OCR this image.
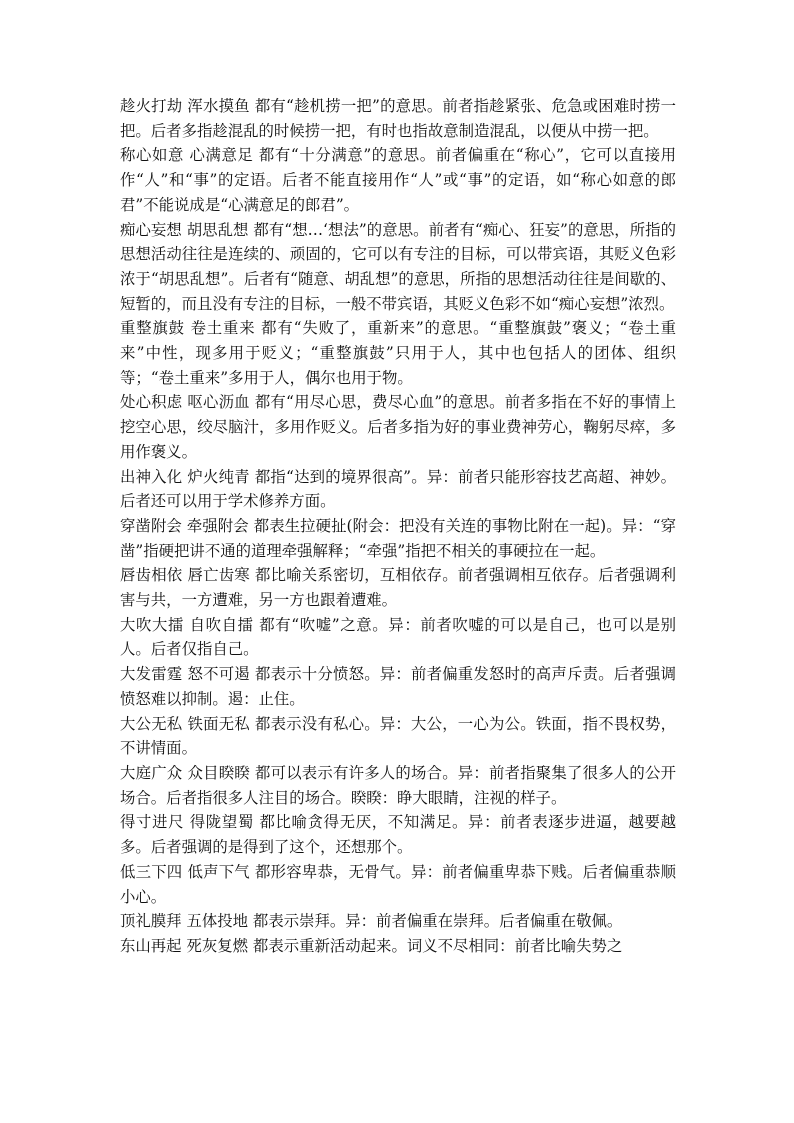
趁火打劫 浑水摸鱼 都有“趁机捞一把”的意思。前者指趁紧张、危急或困难时捞一把。后者多指趁混乱的时候捞一把，有时也指故意制造混乱，以便从中捞一把。

称心如意 心满意足 都有“十分满意”的意思。前者偏重在“称心”，它可以直接用作“人”和“事”的定语。后者不能直接用作“人”或“事”的定语，如“称心如意的郎君”不能说成是“心满意足的郎君”。

痴心妄想 胡思乱想 都有“想…‘想法”的意思。前者有“痴心、狂妄”的意思，所指的思想活动往往是连续的、顽固的，它可以有专注的目标，可以带宾语，其贬义色彩浓于“胡思乱想”。后者有“随意、胡乱想”的意思，所指的思想活动往往是间歇的、短暂的，而且没有专注的目标，一般不带宾语，其贬义色彩不如“痴心妄想”浓烈。

重整旗鼓 卷土重来 都有“失败了，重新来”的意思。“重整旗鼓”褒义；“卷土重来”中性，现多用于贬义；“重整旗鼓”只用于人，其中也包括人的团体、组织等；“卷土重来”多用于人，偶尔也用于物。

处心积虑 呕心沥血 都有“用尽心思，费尽心血”的意思。前者多指在不好的事情上挖空心思，绞尽脑汁，多用作贬义。后者多指为好的事业费神劳心，鞠躬尽瘁，多用作褒义。

出神入化 炉火纯青 都指“达到的境界很高”。异：前者只能形容技艺高超、神妙。后者还可以用于学术修养方面。

穿凿附会 牵强附会 都表生拉硬扯(附会：把没有关连的事物比附在一起)。异：“穿凿”指硬把讲不通的道理牵强解释；“牵强”指把不相关的事硬拉在一起。

唇齿相依 唇亡齿寒 都比喻关系密切，互相依存。前者强调相互依存。后者强调利害与共，一方遭难，另一方也跟着遭难。

大吹大擂 自吹自擂 都有“吹嘘”之意。异：前者吹嘘的可以是自己，也可以是别人。后者仅指自己。

大发雷霆 怒不可遏 都表示十分愤怒。异：前者偏重发怒时的高声斥责。后者强调愤怒难以抑制。遏：止住。

大公无私 铁面无私 都表示没有私心。异：大公，一心为公。铁面，指不畏权势，不讲情面。

大庭广众 众目睽睽 都可以表示有许多人的场合。异：前者指聚集了很多人的公开场合。后者指很多人注目的场合。睽睽：睁大眼睛，注视的样子。

得寸进尺 得陇望蜀 都比喻贪得无厌，不知满足。异：前者表逐步进逼，越要越多。后者强调的是得到了这个，还想那个。

低三下四 低声下气 都形容卑恭，无骨气。异：前者偏重卑恭下贱。后者偏重恭顺小心。

顶礼膜拜 五体投地 都表示崇拜。异：前者偏重在崇拜。后者偏重在敬佩。

东山再起 死灰复燃 都表示重新活动起来。词义不尽相同：前者比喻失势之
